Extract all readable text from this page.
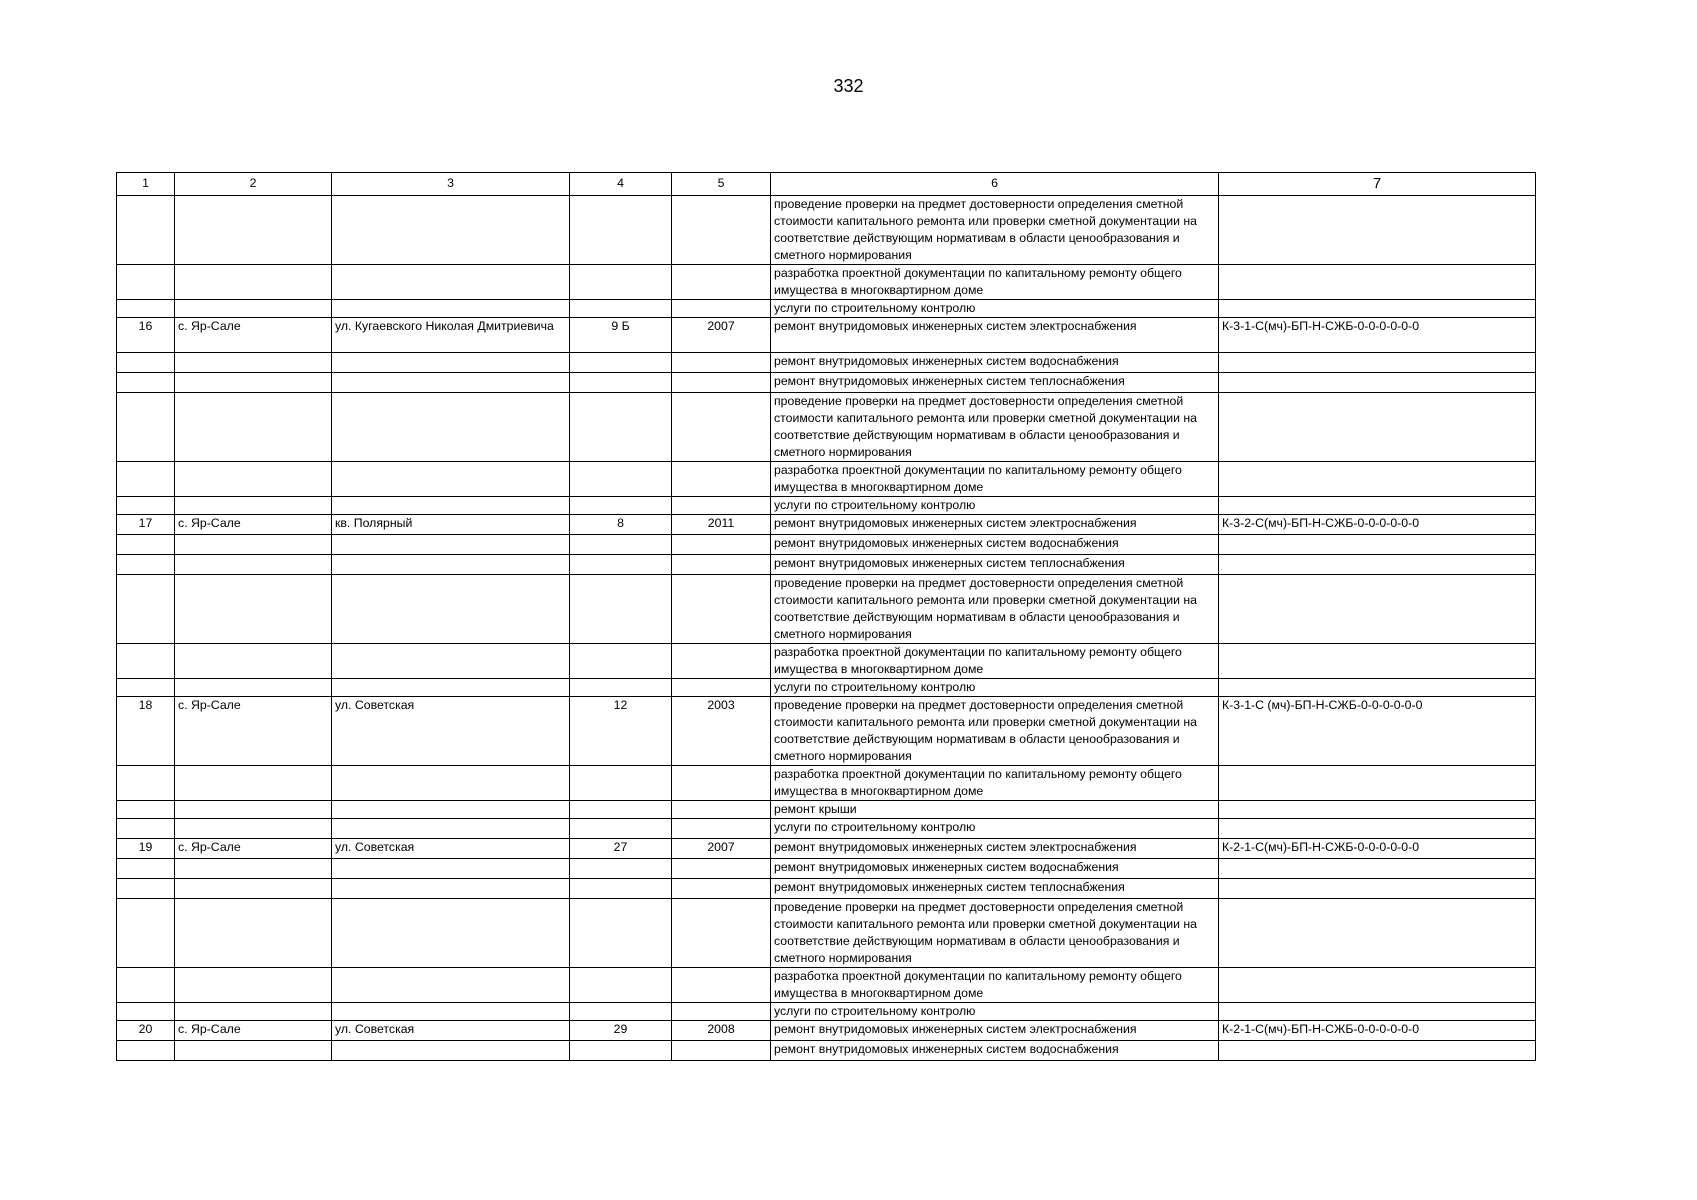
332
1	2	3	4	5	6	7
					проведение проверки на предмет достоверности определения сметной стоимости капитального ремонта или проверки сметной документации на соответствие действующим нормативам в области ценообразования и сметного нормирования	
					разработка проектной документации по капитальному ремонту общего имущества в многоквартирном доме	
					услуги по строительному контролю	
16	с. Яр-Сале	ул. Кугаевского Николая Дмитриевича	9 Б	2007	ремонт внутридомовых инженерных систем электроснабжения	К-3-1-С(мч)-БП-Н-СЖБ-0-0-0-0-0-0
					ремонт внутридомовых инженерных систем водоснабжения	
					ремонт внутридомовых инженерных систем теплоснабжения	
					проведение проверки на предмет достоверности определения сметной стоимости капитального ремонта или проверки сметной документации на соответствие действующим нормативам в области ценообразования и сметного нормирования	
					разработка проектной документации по капитальному ремонту общего имущества в многоквартирном доме	
					услуги по строительному контролю	
17	с. Яр-Сале	кв. Полярный	8	2011	ремонт внутридомовых инженерных систем электроснабжения	К-3-2-С(мч)-БП-Н-СЖБ-0-0-0-0-0-0
					ремонт внутридомовых инженерных систем водоснабжения	
					ремонт внутридомовых инженерных систем теплоснабжения	
					проведение проверки на предмет достоверности определения сметной стоимости капитального ремонта или проверки сметной документации на соответствие действующим нормативам в области ценообразования и сметного нормирования	
					разработка проектной документации по капитальному ремонту общего имущества в многоквартирном доме	
					услуги по строительному контролю	
18	с. Яр-Сале	ул. Советская	12	2003	проведение проверки на предмет достоверности определения сметной стоимости капитального ремонта или проверки сметной документации на соответствие действующим нормативам в области ценообразования и сметного нормирования	К-3-1-С (мч)-БП-Н-СЖБ-0-0-0-0-0-0
					разработка проектной документации по капитальному ремонту общего имущества в многоквартирном доме	
					ремонт крыши	
					услуги по строительному контролю	
19	с. Яр-Сале	ул. Советская	27	2007	ремонт внутридомовых инженерных систем электроснабжения	К-2-1-С(мч)-БП-Н-СЖБ-0-0-0-0-0-0
					ремонт внутридомовых инженерных систем водоснабжения	
					ремонт внутридомовых инженерных систем теплоснабжения	
					проведение проверки на предмет достоверности определения сметной стоимости капитального ремонта или проверки сметной документации на соответствие действующим нормативам в области ценообразования и сметного нормирования	
					разработка проектной документации по капитальному ремонту общего имущества в многоквартирном доме	
					услуги по строительному контролю	
20	с. Яр-Сале	ул. Советская	29	2008	ремонт внутридомовых инженерных систем электроснабжения	К-2-1-С(мч)-БП-Н-СЖБ-0-0-0-0-0-0
					ремонт внутридомовых инженерных систем водоснабжения	
